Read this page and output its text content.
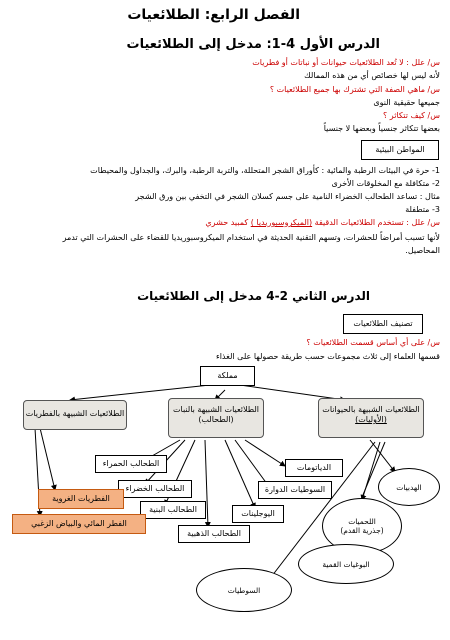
الفصل الرابع: الطلائعيات
الدرس الأول 4-1: مدخل إلى الطلائعيات
س/ علل : لا تُعد الطلائعيات حيوانات أو نباتات أو فطريات
لأنه ليس لها خصائص أي من هذه الممالك
س/ ماهي الصفة التي تشترك بها جميع الطلائعيات ؟
جميعها حقيقية النوى
س/ كيف تتكاثر ؟
بعضها تتكاثر جنسياً وبعضها لا جنسياً
المواطن البيئية
1- حرة في البيئات الرطبة والمائية : كأوراق الشجر المتحللة، والتربة الرطبة، والبرك، والجداول والمحيطات
2- متكافلة مع المخلوقات الأخرى
مثال : تساعد الطحالب الخضراء النامية على جسم كسلان الشجر في التخفي بين ورق الشجر
3- متطفلة
س/ علل : تستخدم الطلائعيات الدقيقة (الميكروسبوريديا ) كمبيد حشري
لأنها تسبب أمراضاً للحشرات، وتسهم التقنية الحديثة في استخدام الميكروسبوريديا للقضاء على الحشرات التي تدمر
المحاصيل.
الدرس الثاني 2-4 مدخل إلى الطلائعيات
تصنيف الطلائعيات
س/ على أي أساس قسمت الطلائعيات ؟
قسمها العلماء إلى ثلاث مجموعات حسب طريقة حصولها على الغذاء
مملكة
الطلائعيات الشبيهة بالفطريات	الطلائعيات الشبيهة بالنبات
(الطحالب)
الطلائعيات الشبيهة بالحيوانات
(الأوليات)
الطحالب الحمراء	الدياتومات
الطحالب الخضراء	السوطيات الدوارة
الطحالب البنية	اليوجلينات
الطحالب الذهبية
الفطريات الغروية
الفطر المائي والبياض الزغبي
الهدبيات
اللحميات
(جذرية القدم)
البوغيات القمية
السوطيات
